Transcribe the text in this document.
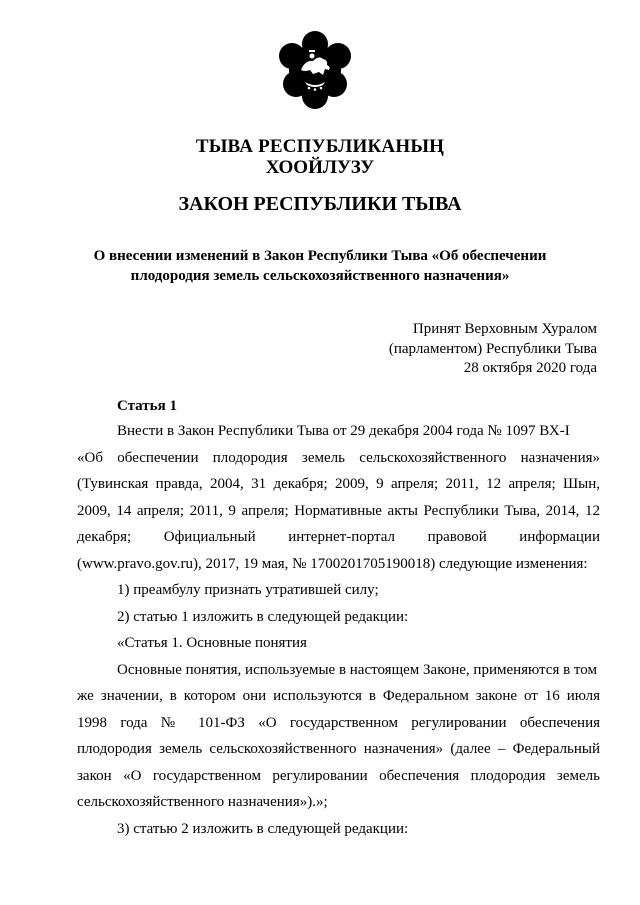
ТЫВА РЕСПУБЛИКАНЫҢ
ХООЙЛУЗУ
ЗАКОН РЕСПУБЛИКИ ТЫВА
О внесении изменений в Закон Республики Тыва «Об обеспечении
плодородия земель сельскохозяйственного назначения»
Принят Верховным Хуралом
(парламентом) Республики Тыва
28 октября 2020 года
Статья 1
Внести в Закон Республики Тыва от 29 декабря 2004 года № 1097 ВХ-I
«Об обеспечении плодородия земель сельскохозяйственного назначения»
(Тувинская правда, 2004, 31 декабря; 2009, 9 апреля; 2011, 12 апреля; Шын,
2009, 14 апреля; 2011, 9 апреля; Нормативные акты Республики Тыва, 2014, 12
декабря; Официальный интернет-портал правовой информации
(www.pravo.gov.ru), 2017, 19 мая, № 1700201705190018) следующие изменения:
1) преамбулу признать утратившей силу;
2) статью 1 изложить в следующей редакции:
«Статья 1. Основные понятия
Основные понятия, используемые в настоящем Законе, применяются в том
же значении, в котором они используются в Федеральном законе от 16 июля
1998 года № 101-ФЗ «О государственном регулировании обеспечения
плодородия земель сельскохозяйственного назначения» (далее – Федеральный
закон «О государственном регулировании обеспечения плодородия земель
сельскохозяйственного назначения»).»;
3) статью 2 изложить в следующей редакции:
